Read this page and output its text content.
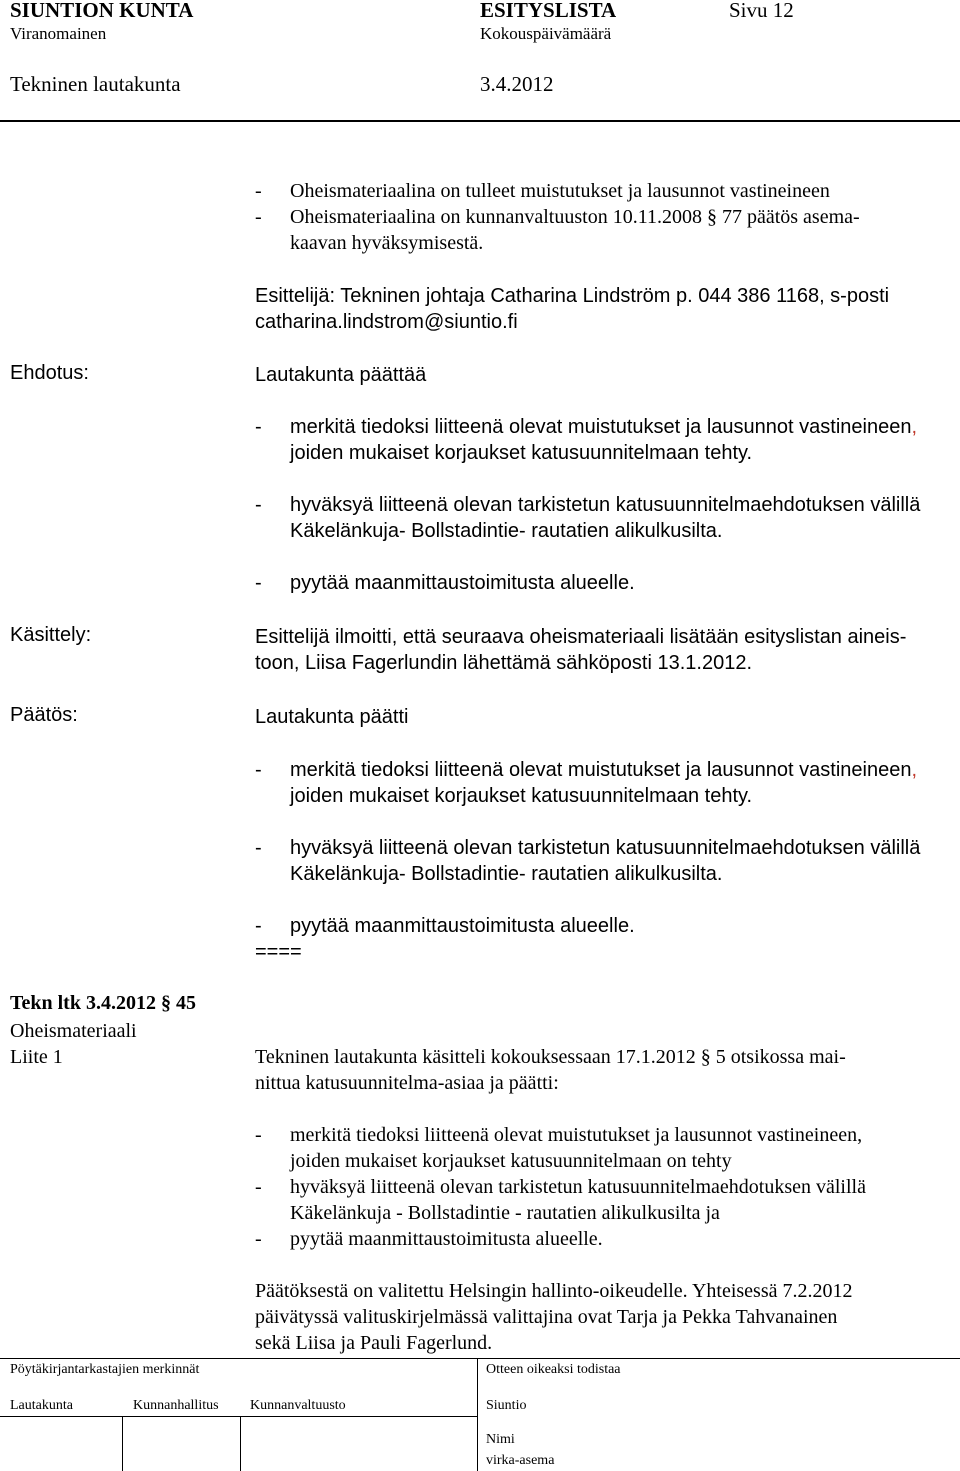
SIUNTION KUNTA	ESITYSLISTA	Sivu 12
Viranomainen	Kokouspäivämäärä
Tekninen lautakunta	3.4.2012
- Oheismateriaalina on tulleet muistutukset ja lausunnot vastineineen
- Oheismateriaalina on kunnanvaltuuston 10.11.2008 § 77 päätös asema-
kaavan hyväksymisestä.
Esittelijä: Tekninen johtaja Catharina Lindström p. 044 386 1168, s-posti
catharina.lindstrom@siuntio.fi
Ehdotus:	Lautakunta päättää
- merkitä tiedoksi liitteenä olevat muistutukset ja lausunnot vastineineen,
joiden mukaiset korjaukset katusuunnitelmaan tehty.
- hyväksyä liitteenä olevan tarkistetun katusuunnitelmaehdotuksen välillä
Käkelänkuja- Bollstadintie- rautatien alikulkusilta.
- pyytää maanmittaustoimitusta alueelle.
Käsittely:	Esittelijä ilmoitti, että seuraava oheismateriaali lisätään esityslistan aineis-
toon, Liisa Fagerlundin lähettämä sähköposti 13.1.2012.
Päätös:	Lautakunta päätti
- merkitä tiedoksi liitteenä olevat muistutukset ja lausunnot vastineineen,
joiden mukaiset korjaukset katusuunnitelmaan tehty.
- hyväksyä liitteenä olevan tarkistetun katusuunnitelmaehdotuksen välillä
Käkelänkuja- Bollstadintie- rautatien alikulkusilta.
- pyytää maanmittaustoimitusta alueelle.
====
Tekn ltk 3.4.2012 § 45
Oheismateriaali
Liite 1	Tekninen lautakunta käsitteli kokouksessaan 17.1.2012 § 5 otsikossa mai-
nittua katusuunnitelma-asiaa ja päätti:
- merkitä tiedoksi liitteenä olevat muistutukset ja lausunnot vastineineen,
joiden mukaiset korjaukset katusuunnitelmaan on tehty
- hyväksyä liitteenä olevan tarkistetun katusuunnitelmaehdotuksen välillä
Käkelänkuja - Bollstadintie - rautatien alikulkusilta ja
- pyytää maanmittaustoimitusta alueelle.
Päätöksestä on valitettu Helsingin hallinto-oikeudelle. Yhteisessä 7.2.2012
päivätyssä valituskirjelmässä valittajina ovat Tarja ja Pekka Tahvanainen
sekä Liisa ja Pauli Fagerlund.
Pöytäkirjantarkastajien merkinnät	Otteen oikeaksi todistaa
Lautakunta	Kunnanhallitus Kunnanvaltuusto	Siuntio
Nimi
virka-asema
